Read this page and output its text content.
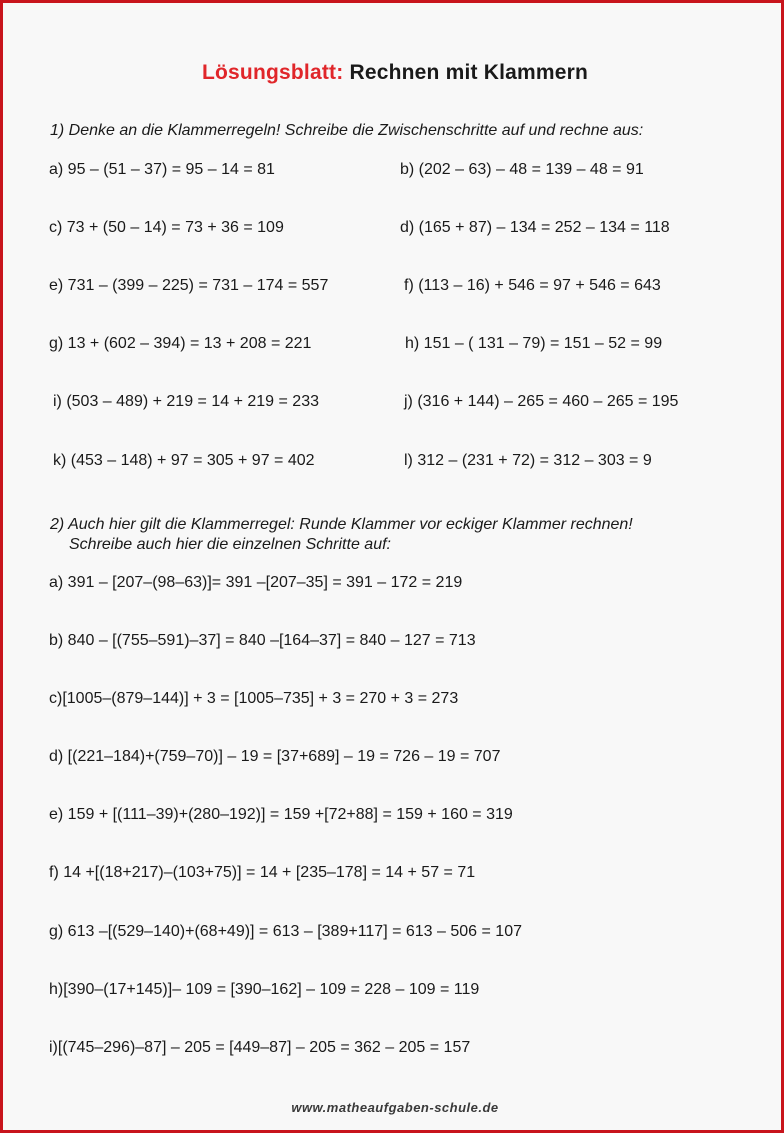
Lösungsblatt: Rechnen mit Klammern
1) Denke an die Klammerregeln! Schreibe die Zwischenschritte auf und rechne aus:
a) 95 – (51 – 37) = 95 – 14 = 81	b) (202 – 63) – 48 = 139 – 48 = 91
c) 73 + (50 – 14) = 73 + 36 = 109	d) (165 + 87) – 134 = 252 – 134 = 118
e) 731 – (399 – 225) = 731 – 174 = 557	f) (113 – 16) + 546 = 97 + 546 = 643
g) 13 + (602 – 394) = 13 + 208 = 221	h) 151 – ( 131 – 79) = 151 – 52 = 99
i) (503 – 489) + 219 = 14 + 219 = 233	j) (316 + 144) – 265 = 460 – 265 = 195
k) (453 – 148) + 97 = 305 + 97 = 402	l) 312 – (231 + 72) = 312 – 303 = 9
2) Auch hier gilt die Klammerregel: Runde Klammer vor eckiger Klammer rechnen!
Schreibe auch hier die einzelnen Schritte auf:
a) 391 – [207–(98–63)]= 391 –[207–35] = 391 – 172 = 219
b) 840 – [(755–591)–37] = 840 –[164–37] = 840 – 127 = 713
c)[1005–(879–144)] + 3 = [1005–735] + 3 = 270 + 3 = 273
d) [(221–184)+(759–70)] – 19 = [37+689] – 19 = 726 – 19 = 707
e) 159 + [(111–39)+(280–192)] = 159 +[72+88] = 159 + 160 = 319
f) 14 +[(18+217)–(103+75)] = 14 + [235–178] = 14 + 57 = 71
g) 613 –[(529–140)+(68+49)] = 613 – [389+117] = 613 – 506 = 107
h)[390–(17+145)]– 109 = [390–162] – 109 = 228 – 109 = 119
i)[(745–296)–87] – 205 = [449–87] – 205 = 362 – 205 = 157
www.matheaufgaben-schule.de
